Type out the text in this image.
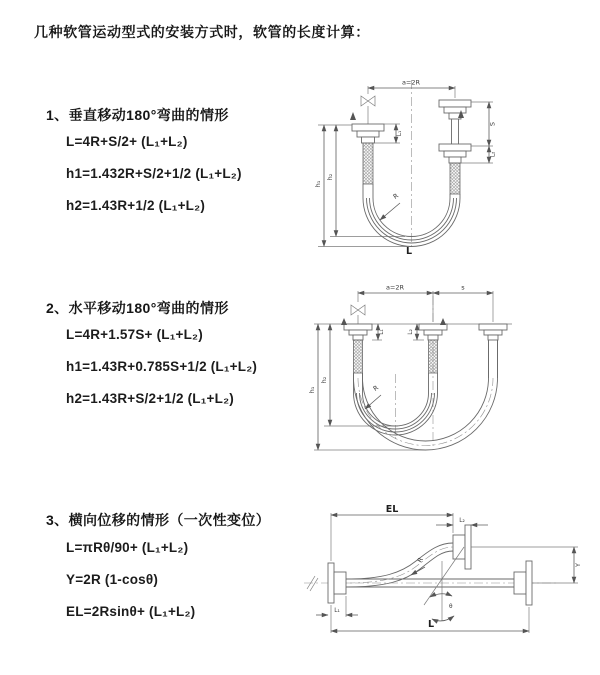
几种软管运动型式的安装方式时，软管的长度计算：
1、垂直移动180°弯曲的情形

L=4R+S/2+ (L₁+L₂)

h1=1.432R+S/2+1/2 (L₁+L₂)

h2=1.43R+1/2 (L₁+L₂)

a=2R
L₁
S
L₂
h₁
h₂
R
L
2、水平移动180°弯曲的情形

L=4R+1.57S+ (L₁+L₂)

h1=1.43R+0.785S+1/2 (L₁+L₂)

h2=1.43R+S/2+1/2 (L₁+L₂)

a=2R	s
L₁	L₂
h₁
h₂
R
3、横向位移的情形（一次性变位）

L=πRθ/90+ (L₁+L₂)

Y=2R (1-cosθ)

EL=2Rsinθ+ (L₁+L₂)

EL
L₂
Y
L
L₁
θ
R
